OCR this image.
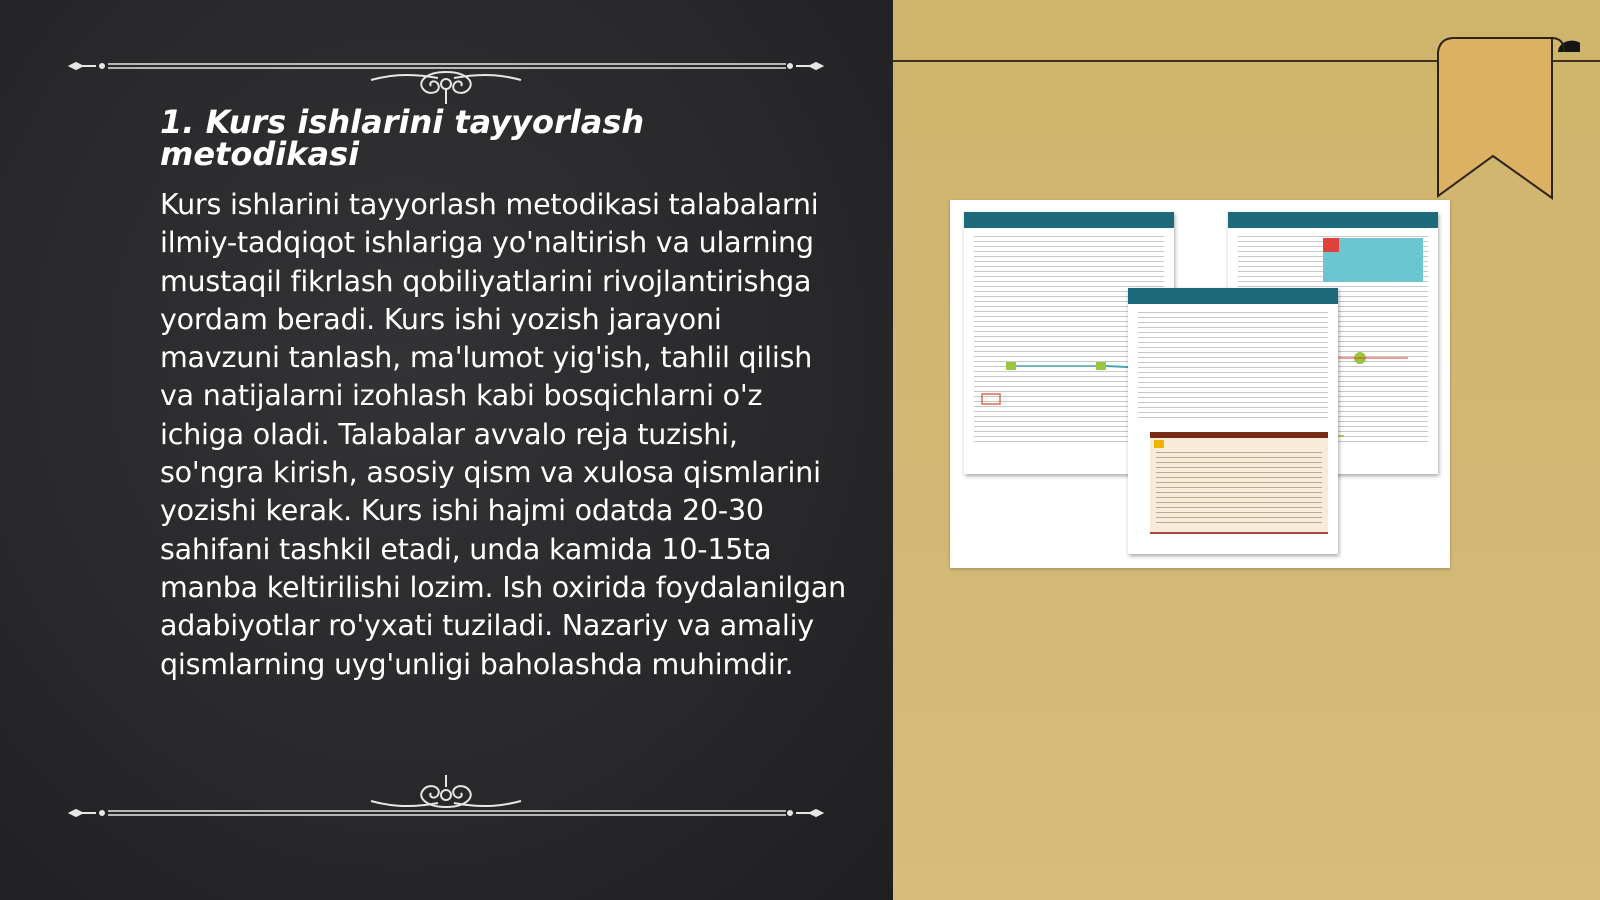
1. Kurs ishlarini tayyorlash metodikasi

Kurs ishlarini tayyorlash metodikasi talabalarni ilmiy-tadqiqot ishlariga yo'naltirish va ularning mustaqil fikrlash qobiliyatlarini rivojlantirishga yordam beradi. Kurs ishi yozish jarayoni mavzuni tanlash, ma'lumot yig'ish, tahlil qilish va natijalarni izohlash kabi bosqichlarni o'z ichiga oladi. Talabalar avvalo reja tuzishi, so'ngra kirish, asosiy qism va xulosa qismlarini yozishi kerak. Kurs ishi hajmi odatda 20-30 sahifani tashkil etadi, unda kamida 10-15ta manba keltirilishi lozim. Ish oxirida foydalanilgan adabiyotlar ro'yxati tuziladi. Nazariy va amaliy qismlarning uyg'unligi baholashda muhimdir.
